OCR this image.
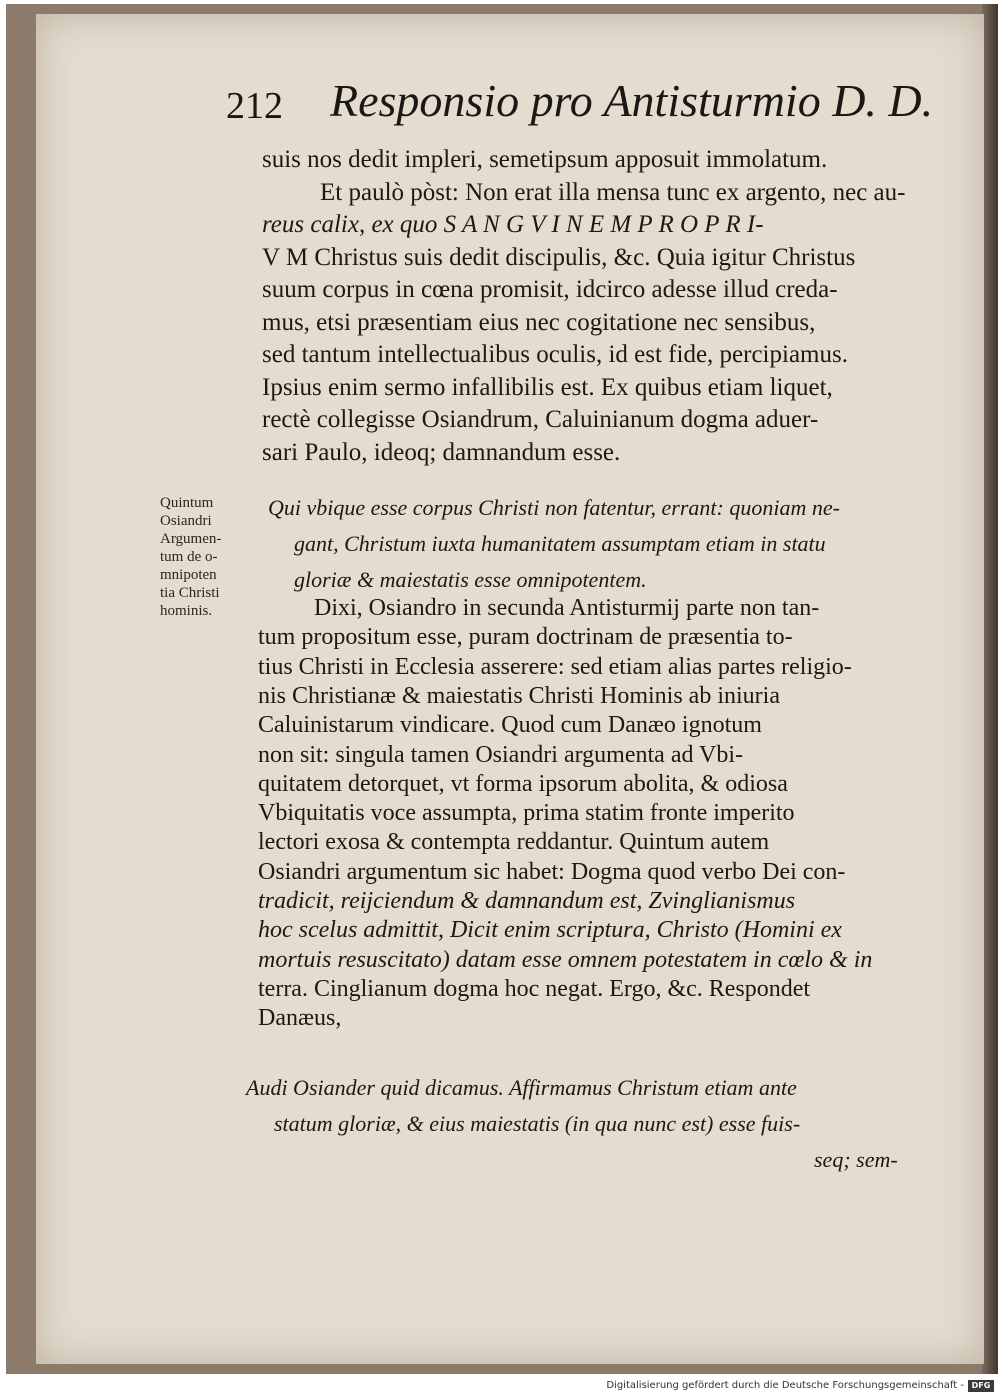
212 Responsio pro Antisturmio D. D.
suis nos dedit impleri, semetipsum apposuit immolatum.
Et paulò pòst: Non erat illa mensa tunc ex argento, nec au-
reus calix, ex quo S A N G V I N E M P R O P R I-
V M Christus suis dedit discipulis, &c. Quia igitur Christus
suum corpus in cœna promisit, idcirco adesse illud creda-
mus, etsi præsentiam eius nec cogitatione nec sensibus,
sed tantum intellectualibus oculis, id est fide, percipiamus.
Ipsius enim sermo infallibilis est. Ex quibus etiam liquet,
rectè collegisse Osiandrum, Caluinianum dogma aduer-
sari Paulo, ideoq; damnandum esse.
Qui vbique esse corpus Christi non fatentur, errant: quoniam ne-
gant, Christum iuxta humanitatem assumptam etiam in statu
gloriæ & maiestatis esse omnipotentem.
Quintum
Osiandri
Argumen-
tum de o-
mnipoten
tia Christi
hominis.	Dixi, Osiandro in secunda Antisturmij parte non tan-
tum propositum esse, puram doctrinam de præsentia to-
tius Christi in Ecclesia asserere: sed etiam alias partes religio-
nis Christianæ & maiestatis Christi Hominis ab iniuria
Caluinistarum vindicare. Quod cum Danæo ignotum
non sit: singula tamen Osiandri argumenta ad Vbi-
quitatem detorquet, vt forma ipsorum abolita, & odiosa
Vbiquitatis voce assumpta, prima statim fronte imperito
lectori exosa & contempta reddantur. Quintum autem
Osiandri argumentum sic habet: Dogma quod verbo Dei con-
tradicit, reijciendum & damnandum est, Zvinglianismus
hoc scelus admittit, Dicit enim scriptura, Christo (Homini ex
mortuis resuscitato) datam esse omnem potestatem in cœlo & in
terra. Cinglianum dogma hoc negat. Ergo, &c. Respondet
Danæus,
Audi Osiander quid dicamus. Affirmamus Christum etiam ante
statum gloriæ, & eius maiestatis (in qua nunc est) esse fuis-
seq; sem-
Digitalisierung gefördert durch die Deutsche Forschungsgemeinschaft - DFG
